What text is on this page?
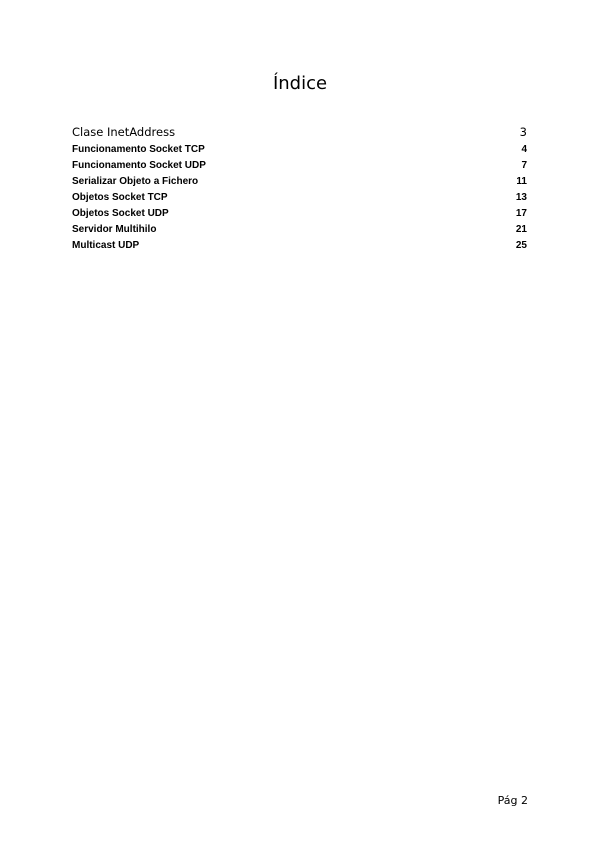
Índice
Clase InetAddress	3
Funcionamento Socket TCP	4
Funcionamento Socket UDP	7
Serializar Objeto a Fichero	11
Objetos Socket TCP	13
Objetos Socket UDP	17
Servidor Multihilo	21
Multicast UDP	25
Pág 2
